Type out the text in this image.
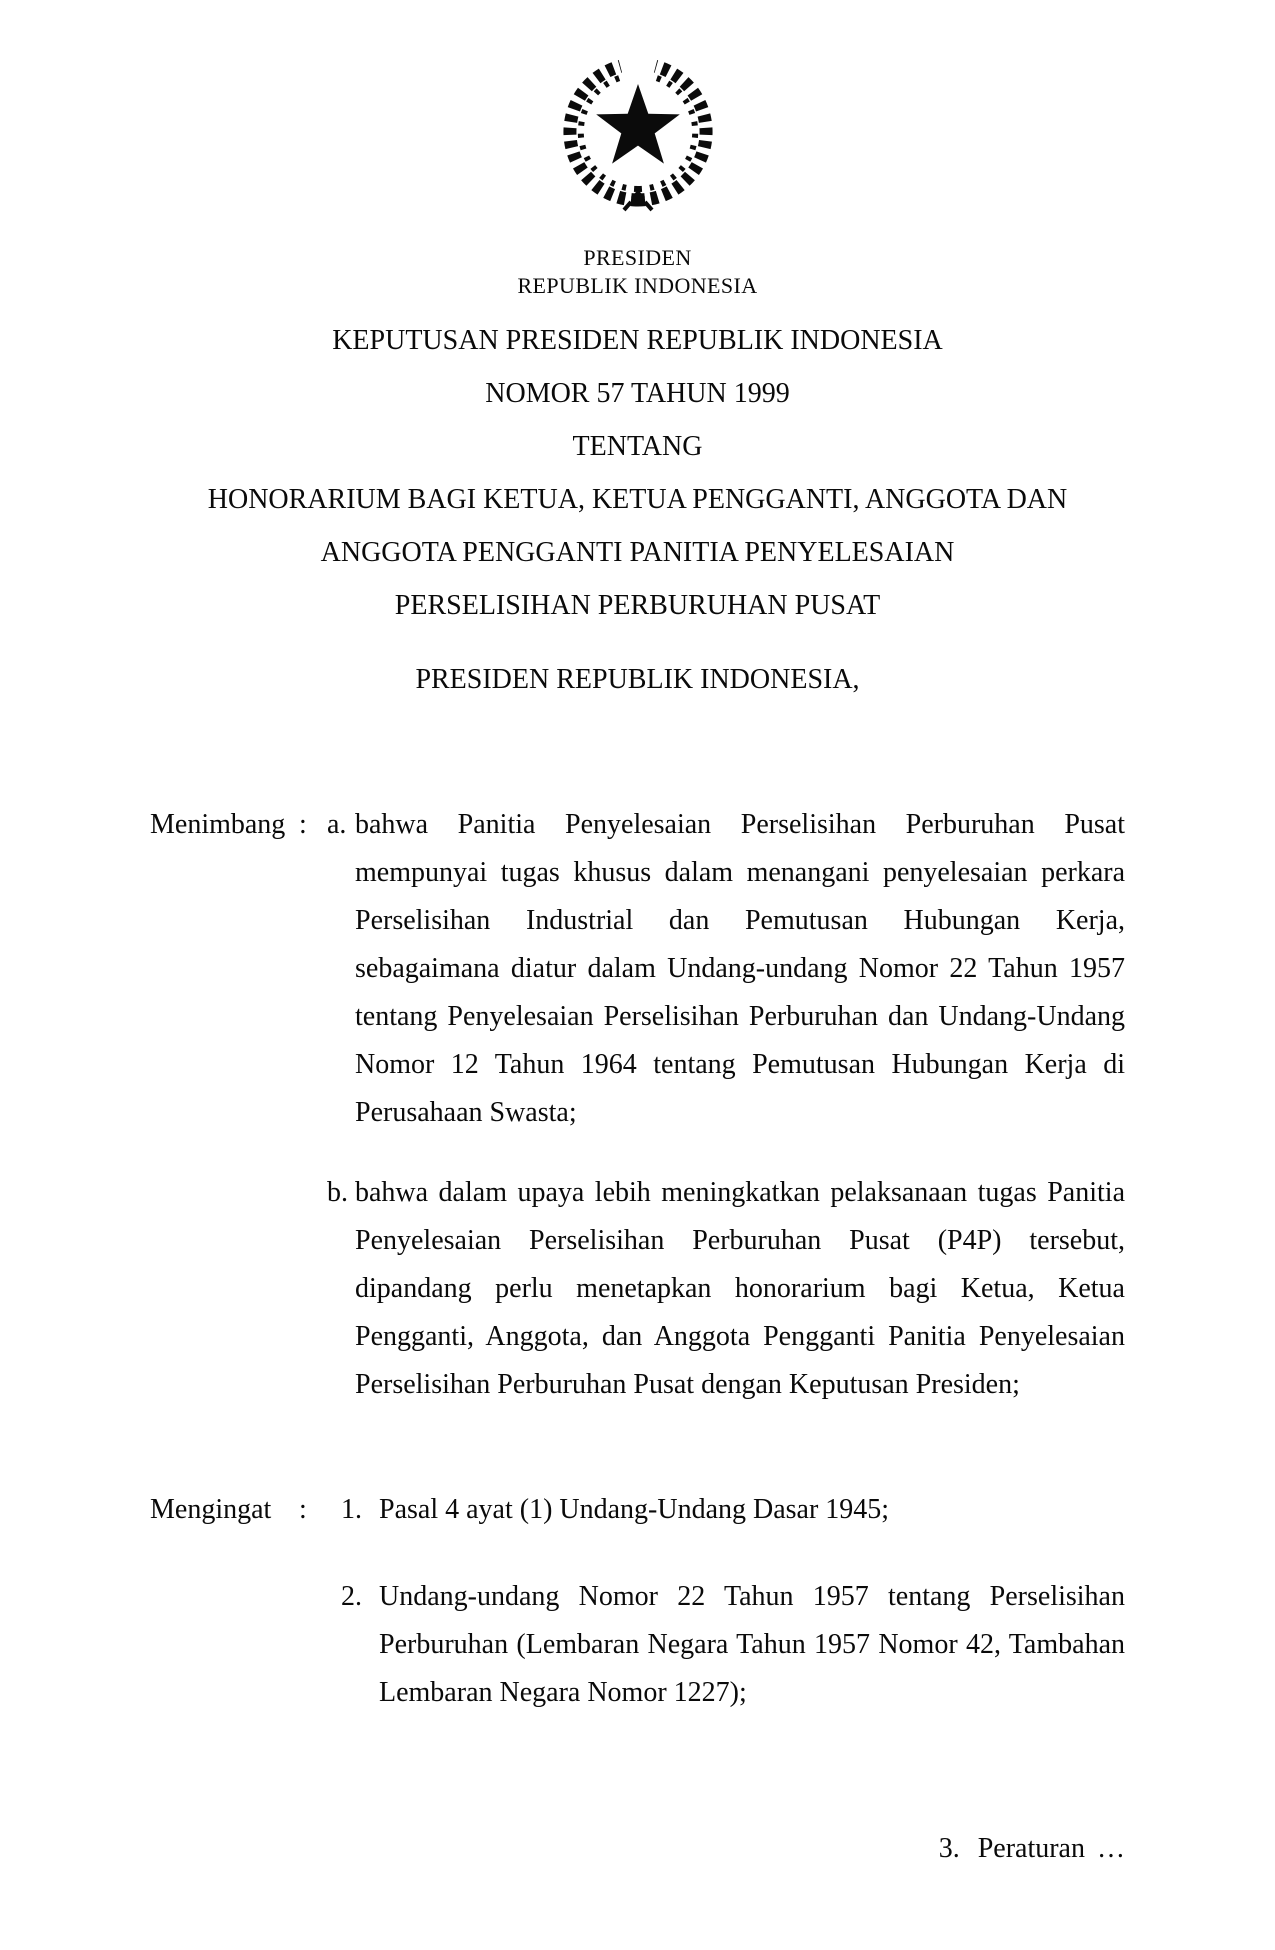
PRESIDEN
REPUBLIK INDONESIA
KEPUTUSAN PRESIDEN REPUBLIK INDONESIA
NOMOR 57 TAHUN 1999
TENTANG
HONORARIUM BAGI KETUA, KETUA PENGGANTI, ANGGOTA DAN
ANGGOTA PENGGANTI PANITIA PENYELESAIAN
PERSELISIHAN PERBURUHAN PUSAT
PRESIDEN REPUBLIK INDONESIA,
Menimbang : a. bahwa Panitia Penyelesaian Perselisihan Perburuhan Pusat mempunyai tugas khusus dalam menangani penyelesaian perkara Perselisihan Industrial dan Pemutusan Hubungan Kerja, sebagaimana diatur dalam Undang-undang Nomor 22 Tahun 1957 tentang Penyelesaian Perselisihan Perburuhan dan Undang-Undang Nomor 12 Tahun 1964 tentang Pemutusan Hubungan Kerja di Perusahaan Swasta;
b. bahwa dalam upaya lebih meningkatkan pelaksanaan tugas Panitia Penyelesaian Perselisihan Perburuhan Pusat (P4P) tersebut, dipandang perlu menetapkan honorarium bagi Ketua, Ketua Pengganti, Anggota, dan Anggota Pengganti Panitia Penyelesaian Perselisihan Perburuhan Pusat dengan Keputusan Presiden;
Mengingat :	1. Pasal 4 ayat (1) Undang-Undang Dasar 1945;
2. Undang-undang Nomor 22 Tahun 1957 tentang Perselisihan Perburuhan (Lembaran Negara Tahun 1957 Nomor 42, Tambahan Lembaran Negara Nomor 1227);
3. Peraturan …
